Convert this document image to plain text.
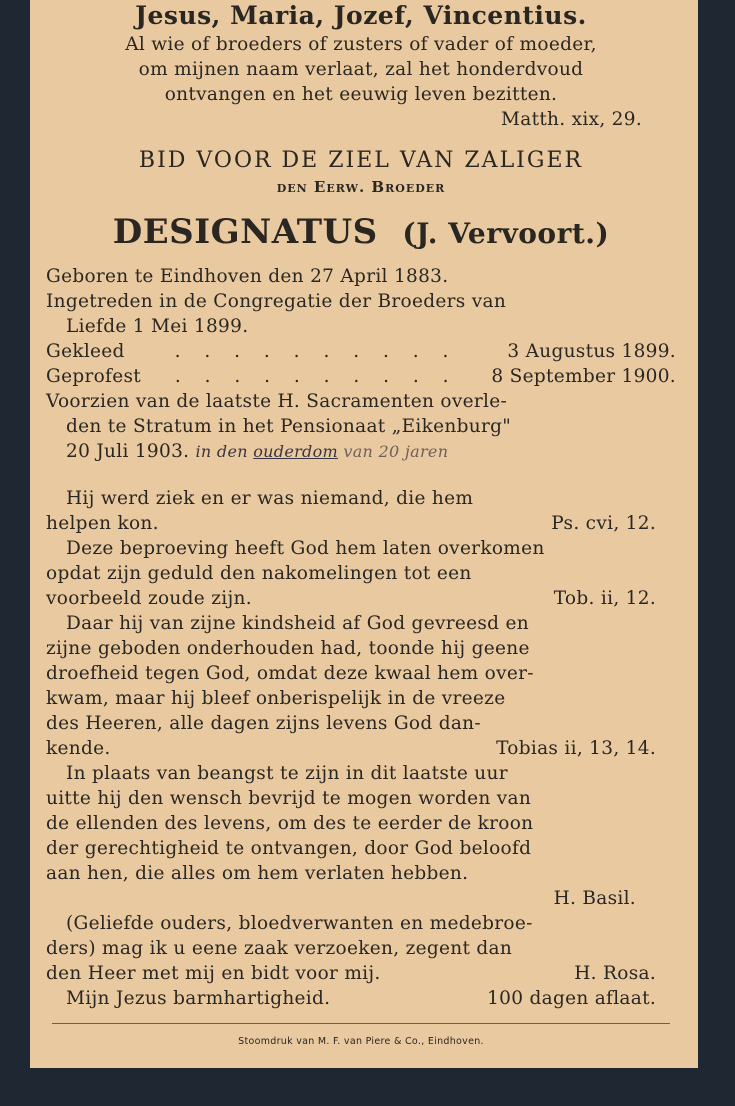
Jesus, Maria, Jozef, Vincentius.
Al wie of broeders of zusters of vader of moeder,
om mijnen naam verlaat, zal het honderdvoud
ontvangen en het eeuwig leven bezitten.
Matth. xix, 29.
BID VOOR DE ZIEL VAN ZALIGER
den Eerw. Broeder
DESIGNATUS (J. Vervoort.)
Geboren te Eindhoven den 27 April 1883.
Ingetreden in de Congregatie der Broeders van
Liefde 1 Mei 1899.
Gekleed	. . . . . . . . . .	3 Augustus 1899.
Geprofest . . . . . . . . . . 8 September 1900.
Voorzien van de laatste H. Sacramenten overle-
den te Stratum in het Pensionaat „Eikenburg"
20 Juli 1903. in den ouderdom van 20 jaren
Hij werd ziek en er was niemand, die hem
helpen kon.	Ps. cvi, 12.
Deze beproeving heeft God hem laten overkomen
opdat zijn geduld den nakomelingen tot een
voorbeeld zoude zijn.	Tob. ii, 12.
Daar hij van zijne kindsheid af God gevreesd en
zijne geboden onderhouden had, toonde hij geene
droefheid tegen God, omdat deze kwaal hem over-
kwam, maar hij bleef onberispelijk in de vreeze
des Heeren, alle dagen zijns levens God dan-
kende.	Tobias ii, 13, 14.
In plaats van beangst te zijn in dit laatste uur
uitte hij den wensch bevrijd te mogen worden van
de ellenden des levens, om des te eerder de kroon
der gerechtigheid te ontvangen, door God beloofd
aan hen, die alles om hem verlaten hebben.
H. Basil.
(Geliefde ouders, bloedverwanten en medebroe-
ders) mag ik u eene zaak verzoeken, zegent dan
den Heer met mij en bidt voor mij.	H. Rosa.
Mijn Jezus barmhartigheid.	100 dagen aflaat.
Stoomdruk van M. F. van Piere & Co., Eindhoven.
